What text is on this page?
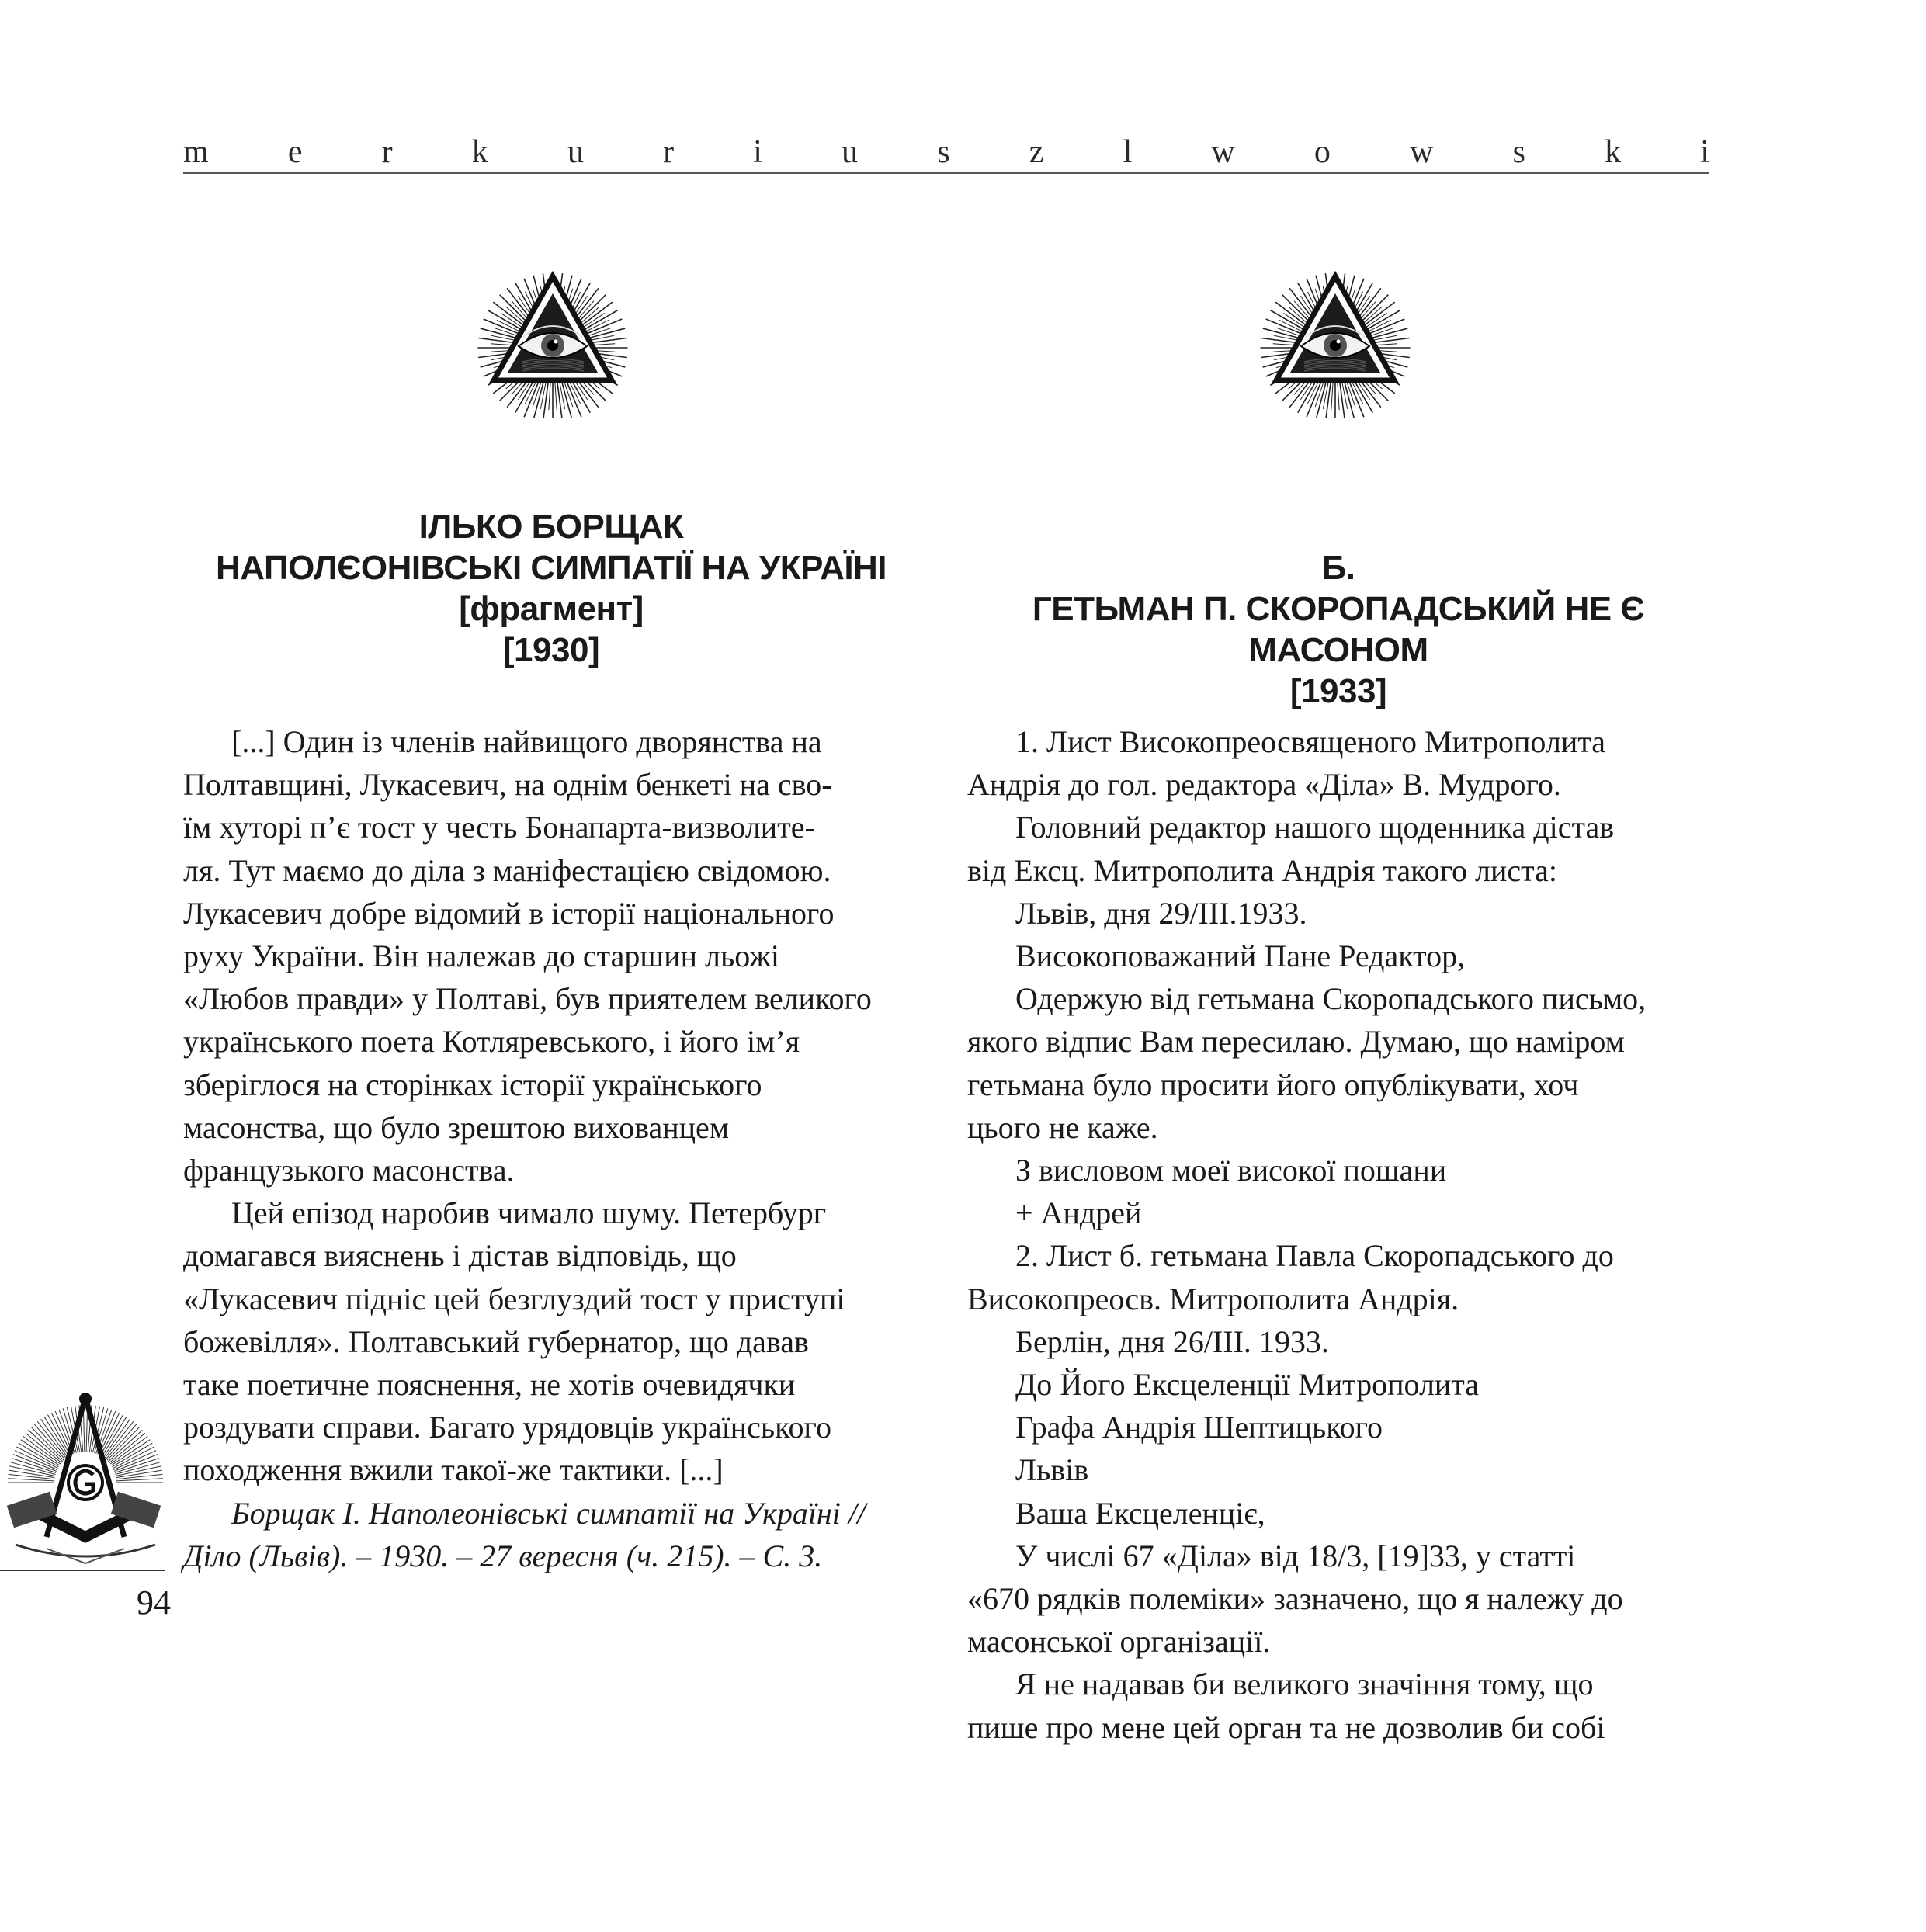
m e r k u r i u s z l w o w s k i
ІЛЬКО БОРЩАК
НАПОЛЄОНІВСЬКІ СИМПАТІЇ НА УКРАЇНІ
[фрагмент]
[1930]
Б.
ГЕТЬМАН П. СКОРОПАДСЬКИЙ НЕ Є
МАСОНОМ
[1933]

[...] Один із членів найвищого дворянства на
Полтавщині, Лукасевич, на однім бенкеті на сво-
їм хуторі п’є тост у честь Бонапарта-визволите-
ля. Тут маємо до діла з маніфестацією свідомою.
Лукасевич добре відомий в історії національного
руху України. Він належав до старшин льожі
«Любов правди» у Полтаві, був приятелем великого
українського поета Котляревського, і його ім’я
зберіглося на сторінках історії українського
масонства, що було зрештою вихованцем
французького масонства.

Цей епізод наробив чимало шуму. Петербург
домагався вияснень і дістав відповідь, що
«Лукасевич підніс цей безглуздий тост у приступі
божевілля». Полтавський губернатор, що давав
таке поетичне пояснення, не хотів очевидячки
роздувати справи. Багато урядовців українського
походження вжили такої-же тактики. [...]

Борщак І. Наполеонівські симпатії на Україні //
Діло (Львів). – 1930. – 27 вересня (ч. 215). – С. 3.

1. Лист Високопреосвященого Митрополита
Андрія до гол. редактора «Діла» В. Мудрого.

Головний редактор нашого щоденника дістав
від Ексц. Митрополита Андрія такого листа:

Львів, дня 29/ІІІ.1933.

Високоповажаний Пане Редактор,

Одержую від гетьмана Скоропадського письмо,
якого відпис Вам пересилаю. Думаю, що наміром
гетьмана було просити його опублікувати, хоч
цього не каже.

З висловом моеї високої пошани

+ Андрей

2. Лист б. гетьмана Павла Скоропадського до
Високопреосв. Митрополита Андрія.

Берлін, дня 26/ІІІ. 1933.

До Його Ексцеленції Митрополита

Графа Андрія Шептицького

Львів

Ваша Ексцеленціє,

У числі 67 «Діла» від 18/3, [19]33, у статті
«670 рядків полеміки» зазначено, що я належу до
масонської організації.

Я не надавав би великого значіння тому, що
пише про мене цей орган та не дозволив би собі

94
